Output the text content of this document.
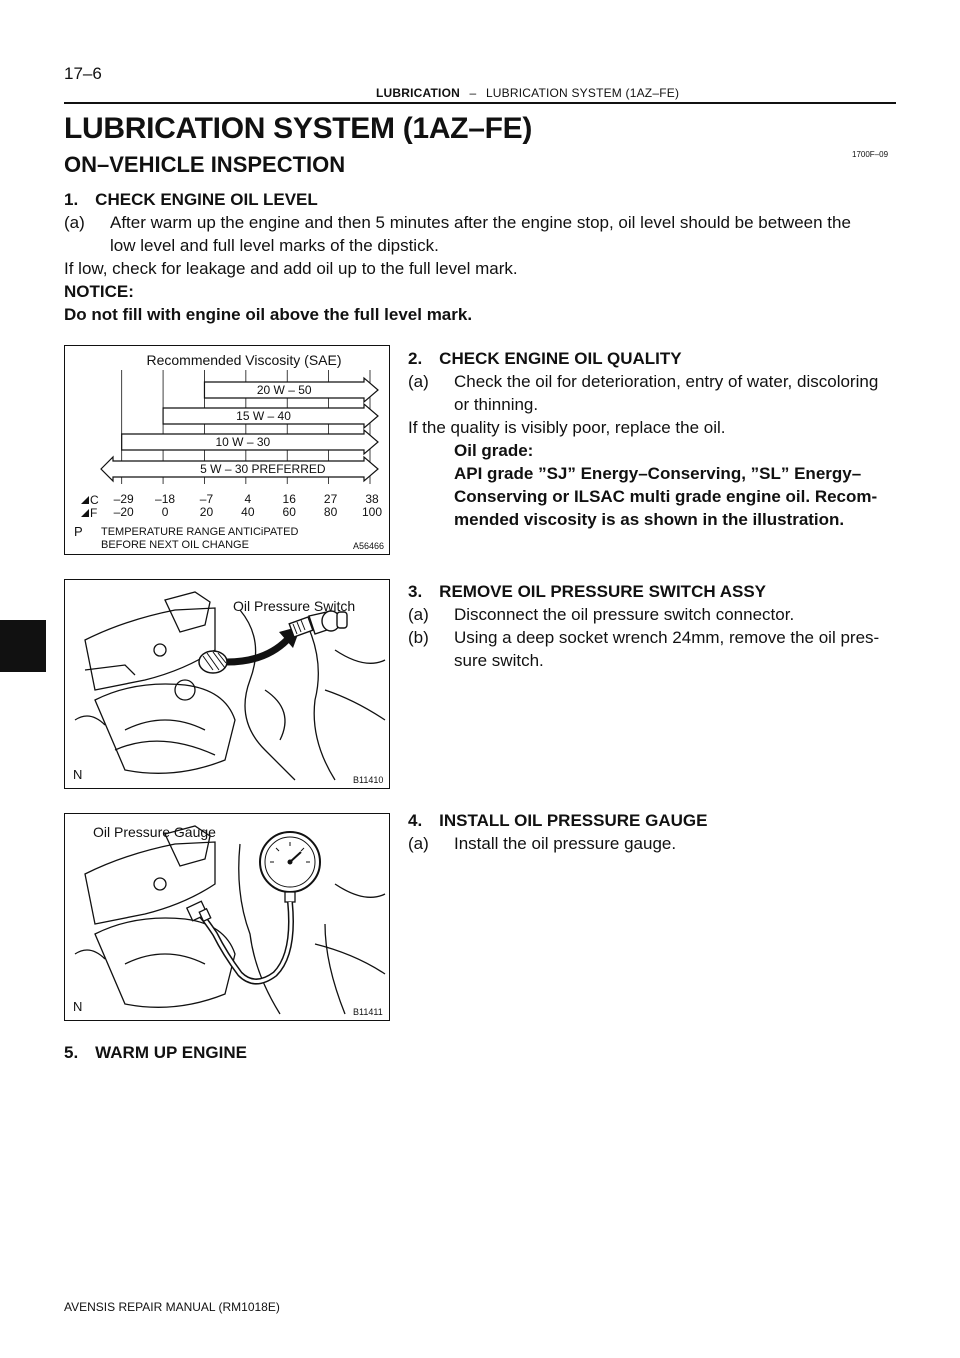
17–6
LUBRICATION – LUBRICATION SYSTEM (1AZ–FE)
LUBRICATION SYSTEM (1AZ–FE)
1700F–09
ON–VEHICLE INSPECTION
1. CHECK ENGINE OIL LEVEL
(a) After warm up the engine and then 5 minutes after the engine stop, oil level should be between the
low level and full level marks of the dipstick.
If low, check for leakage and add oil up to the full level mark.
NOTICE:
Do not fill with engine oil above the full level mark.
Recommended Viscosity (SAE)
20 W – 50
15 W – 40
10 W – 30
5 W – 30 PREFERRED
–29 –18 –7	4	16 27 38
–20 0	20 40 60 80 100
C
F
P TEMPERATURE RANGE ANTICiPATED
BEFORE NEXT OIL CHANGE	A56466
2. CHECK ENGINE OIL QUALITY
(a) Check the oil for deterioration, entry of water, discoloring
or thinning.
If the quality is visibly poor, replace the oil.
Oil grade:
API grade ”SJ” Energy–Conserving, ”SL” Energy–
Conserving or ILSAC multi grade engine oil. Recom-
mended viscosity is as shown in the illustration.
Oil Pressure Switch
N	B11410
3. REMOVE OIL PRESSURE SWITCH ASSY
(a) Disconnect the oil pressure switch connector.
(b) Using a deep socket wrench 24mm, remove the oil pres-
sure switch.
Oil Pressure Gauge
N	B11411
4. INSTALL OIL PRESSURE GAUGE
(a) Install the oil pressure gauge.
5. WARM UP ENGINE
AVENSIS REPAIR MANUAL (RM1018E)
